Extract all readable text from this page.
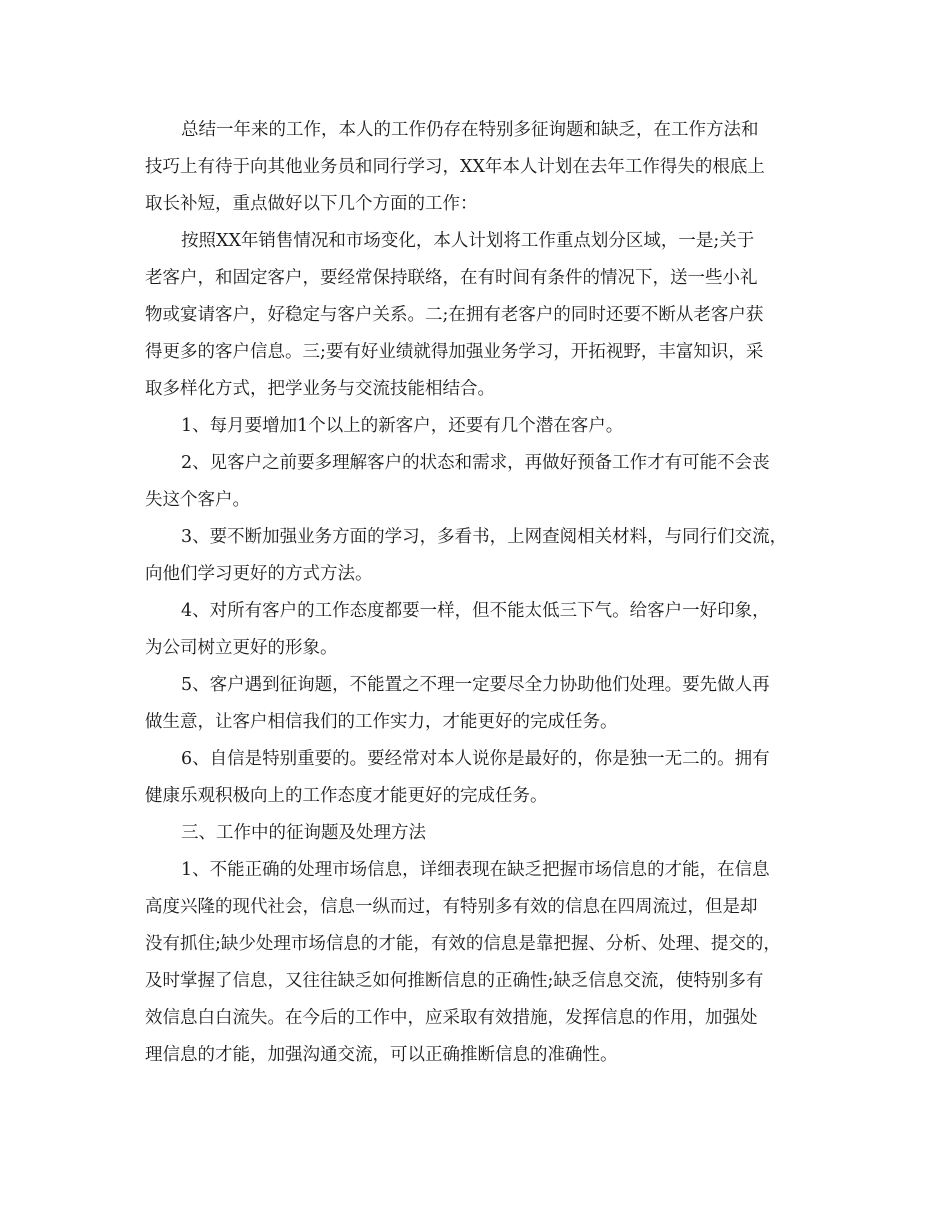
总结一年来的工作，本人的工作仍存在特别多征询题和缺乏，在工作方法和

技巧上有待于向其他业务员和同行学习，XX年本人计划在去年工作得失的根底上

取长补短，重点做好以下几个方面的工作：

按照XX年销售情况和市场变化，本人计划将工作重点划分区域，一是;关于

老客户，和固定客户，要经常保持联络，在有时间有条件的情况下，送一些小礼

物或宴请客户，好稳定与客户关系。二;在拥有老客户的同时还要不断从老客户获

得更多的客户信息。三;要有好业绩就得加强业务学习，开拓视野，丰富知识，采

取多样化方式，把学业务与交流技能相结合。

1、每月要增加1个以上的新客户，还要有几个潜在客户。

2、见客户之前要多理解客户的状态和需求，再做好预备工作才有可能不会丧

失这个客户。

3、要不断加强业务方面的学习，多看书，上网查阅相关材料，与同行们交流，

向他们学习更好的方式方法。

4、对所有客户的工作态度都要一样，但不能太低三下气。给客户一好印象，

为公司树立更好的形象。

5、客户遇到征询题，不能置之不理一定要尽全力协助他们处理。要先做人再

做生意，让客户相信我们的工作实力，才能更好的完成任务。

6、自信是特别重要的。要经常对本人说你是最好的，你是独一无二的。拥有

健康乐观积极向上的工作态度才能更好的完成任务。

三、工作中的征询题及处理方法

1、不能正确的处理市场信息，详细表现在缺乏把握市场信息的才能，在信息

高度兴隆的现代社会，信息一纵而过，有特别多有效的信息在四周流过，但是却

没有抓住;缺少处理市场信息的才能，有效的信息是靠把握、分析、处理、提交的，

及时掌握了信息，又往往缺乏如何推断信息的正确性;缺乏信息交流，使特别多有

效信息白白流失。在今后的工作中，应采取有效措施，发挥信息的作用，加强处

理信息的才能，加强沟通交流，可以正确推断信息的准确性。
